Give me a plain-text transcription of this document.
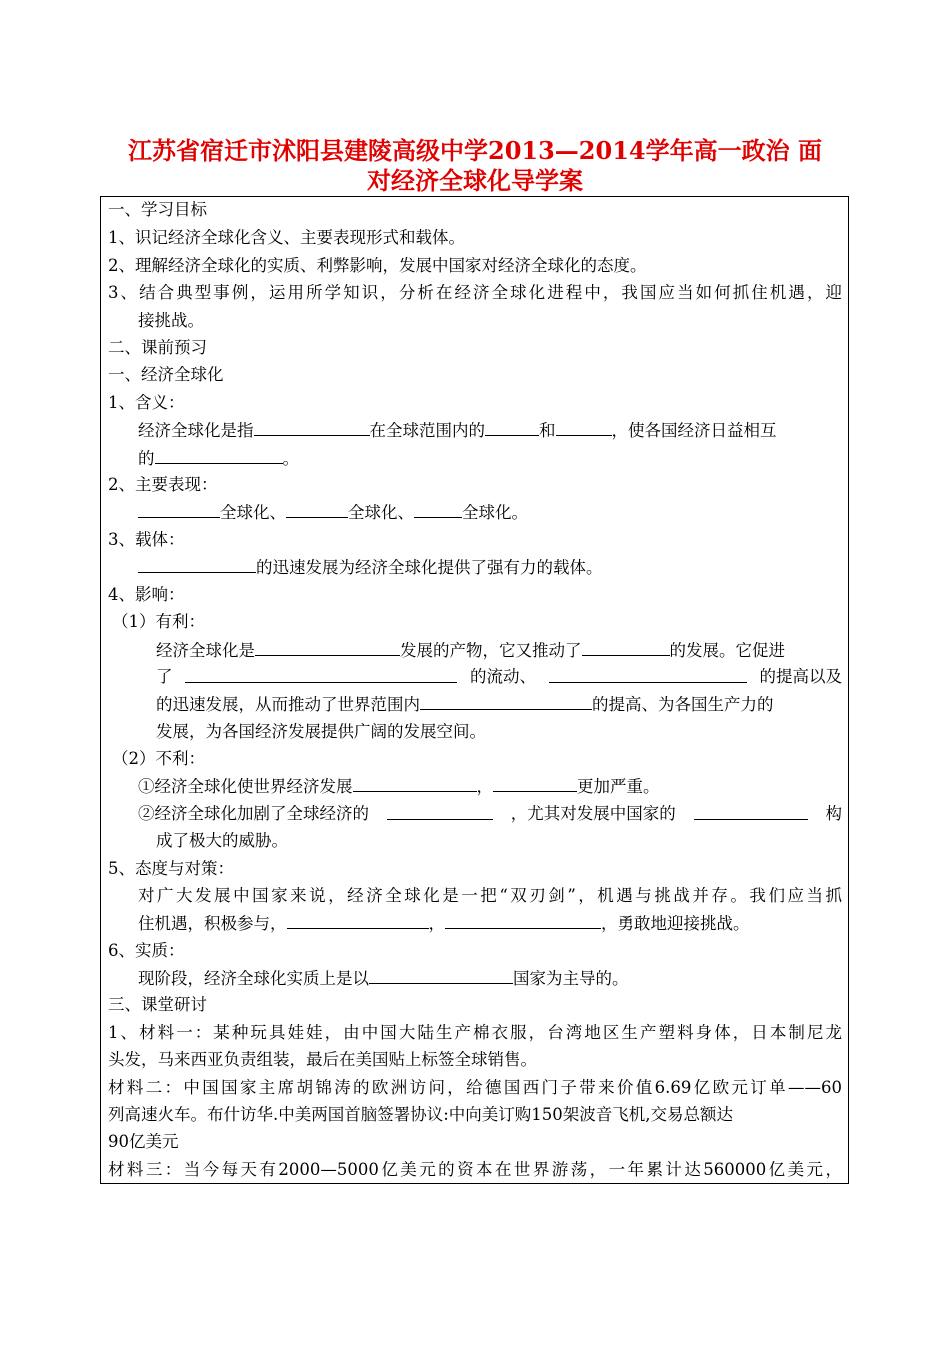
江苏省宿迁市沭阳县建陵高级中学2013—2014学年高一政治 面
对经济全球化导学案
一、学习目标
1、识记经济全球化含义、主要表现形式和载体。
2、理解经济全球化的实质、利弊影响，发展中国家对经济全球化的态度。
3、结合典型事例，运用所学知识，分析在经济全球化进程中，我国应当如何抓住机遇，迎
接挑战。
二、课前预习
一、经济全球化
1、含义：
经济全球化是指	在全球范围内的	和	，使各国经济日益相互
的	。
2、主要表现：
全球化、	全球化、	全球化。
3、载体：
的迅速发展为经济全球化提供了强有力的载体。
4、影响：
（1）有利：
经济全球化是	发展的产物，它又推动了	的发展。它促进
了	的流动、	的提高以及
的迅速发展，从而推动了世界范围内	的提高、为各国生产力的
发展，为各国经济发展提供广阔的发展空间。
（2）不利：
①经济全球化使世界经济发展	，	更加严重。
②经济全球化加剧了全球经济的	，尤其对发展中国家的	构
成了极大的威胁。
5、态度与对策：
对广大发展中国家来说，经济全球化是一把“双刃剑”，机遇与挑战并存。我们应当抓
住机遇，积极参与，	，	，勇敢地迎接挑战。
6、实质：
现阶段，经济全球化实质上是以	国家为主导的。
三、课堂研讨
1、材料一：某种玩具娃娃，由中国大陆生产棉衣服，台湾地区生产塑料身体，日本制尼龙
头发，马来西亚负责组装，最后在美国贴上标签全球销售。
材料二：中国国家主席胡锦涛的欧洲访问，给德国西门子带来价值6.69亿欧元订单——60
列高速火车。布什访华.中美两国首脑签署协议:中向美订购150架波音飞机,交易总额达
90亿美元
材料三：当今每天有2000—5000亿美元的资本在世界游荡，一年累计达560000亿美元，
